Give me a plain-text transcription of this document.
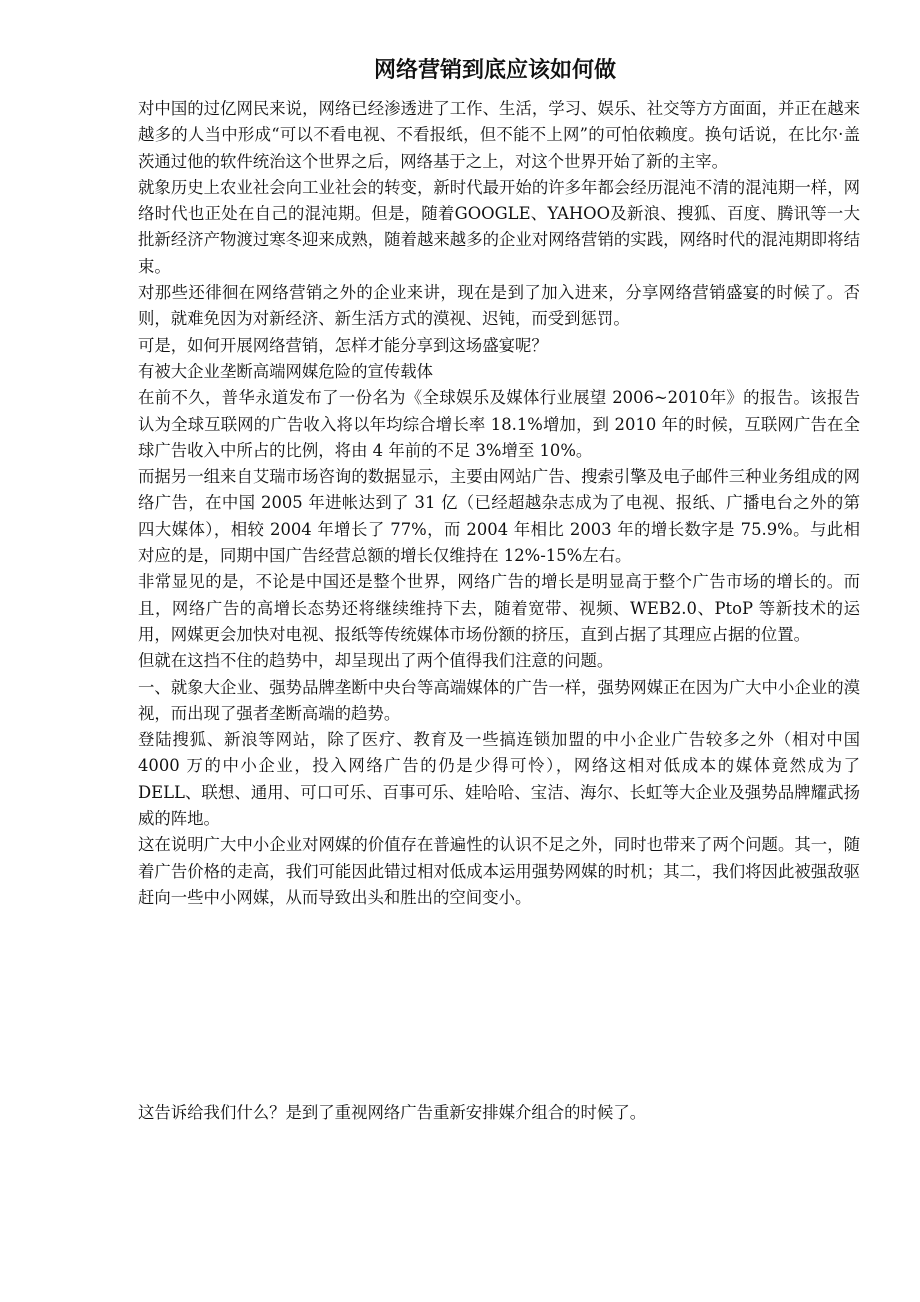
网络营销到底应该如何做

对中国的过亿网民来说，网络已经渗透进了工作、生活，学习、娱乐、社交等方方面面，并正在越来越多的人当中形成“可以不看电视、不看报纸，但不能不上网”的可怕依赖度。换句话说，在比尔·盖茨通过他的软件统治这个世界之后，网络基于之上，对这个世界开始了新的主宰。

就象历史上农业社会向工业社会的转变，新时代最开始的许多年都会经历混沌不清的混沌期一样，网络时代也正处在自己的混沌期。但是，随着GOOGLE、YAHOO及新浪、搜狐、百度、腾讯等一大批新经济产物渡过寒冬迎来成熟，随着越来越多的企业对网络营销的实践，网络时代的混沌期即将结束。

对那些还徘徊在网络营销之外的企业来讲，现在是到了加入进来，分享网络营销盛宴的时候了。否则，就难免因为对新经济、新生活方式的漠视、迟钝，而受到惩罚。

可是，如何开展网络营销，怎样才能分享到这场盛宴呢？

有被大企业垄断高端网媒危险的宣传载体

在前不久，普华永道发布了一份名为《全球娱乐及媒体行业展望 2006~2010年》的报告。该报告认为全球互联网的广告收入将以年均综合增长率 18.1%增加，到 2010 年的时候，互联网广告在全球广告收入中所占的比例，将由 4 年前的不足 3%增至 10%。

而据另一组来自艾瑞市场咨询的数据显示，主要由网站广告、搜索引擎及电子邮件三种业务组成的网络广告，在中国 2005 年进帐达到了 31 亿（已经超越杂志成为了电视、报纸、广播电台之外的第四大媒体），相较 2004 年增长了 77%，而 2004 年相比 2003 年的增长数字是 75.9%。与此相对应的是，同期中国广告经营总额的增长仅维持在 12%-15%左右。

非常显见的是，不论是中国还是整个世界，网络广告的增长是明显高于整个广告市场的增长的。而且，网络广告的高增长态势还将继续维持下去，随着宽带、视频、WEB2.0、PtoP 等新技术的运用，网媒更会加快对电视、报纸等传统媒体市场份额的挤压，直到占据了其理应占据的位置。

但就在这挡不住的趋势中，却呈现出了两个值得我们注意的问题。

一、就象大企业、强势品牌垄断中央台等高端媒体的广告一样，强势网媒正在因为广大中小企业的漠视，而出现了强者垄断高端的趋势。

登陆搜狐、新浪等网站，除了医疗、教育及一些搞连锁加盟的中小企业广告较多之外（相对中国 4000 万的中小企业，投入网络广告的仍是少得可怜），网络这相对低成本的媒体竟然成为了 DELL、联想、通用、可口可乐、百事可乐、娃哈哈、宝洁、海尔、长虹等大企业及强势品牌耀武扬威的阵地。

这在说明广大中小企业对网媒的价值存在普遍性的认识不足之外，同时也带来了两个问题。其一，随着广告价格的走高，我们可能因此错过相对低成本运用强势网媒的时机；其二，我们将因此被强敌驱赶向一些中小网媒，从而导致出头和胜出的空间变小。

这告诉给我们什么？是到了重视网络广告重新安排媒介组合的时候了。
